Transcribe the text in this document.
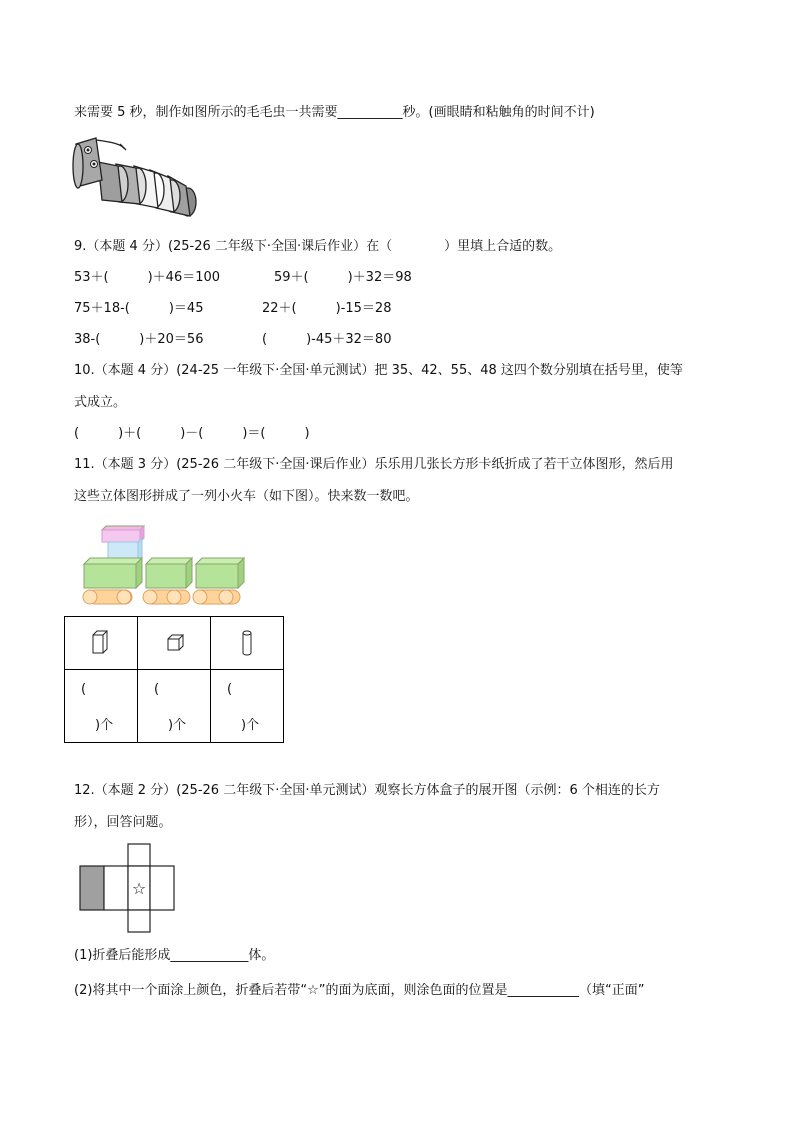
来需要 5 秒，制作如图所示的毛毛虫一共需要__________秒。(画眼睛和粘触角的时间不计)
9.（本题 4 分）(25-26 二年级下·全国·课后作业）在（　　　　）里填上合适的数。
53＋(　　　)＋46＝100	59＋(　　　)＋32＝98
75＋18-(　　　)＝45	22＋(　　　)-15＝28
38-(　　　)＋20＝56	(　　　)-45＋32＝80
10.（本题 4 分）(24-25 一年级下·全国·单元测试）把 35、42、55、48 这四个数分别填在括号里，使等
式成立。
(　　　)＋(　　　)－(　　　)＝(　　　)
11.（本题 3 分）(25-26 二年级下·全国·课后作业）乐乐用几张长方形卡纸折成了若干立体图形，然后用
这些立体图形拼成了一列小火车（如下图）。快来数一数吧。

(
)个	(
)个	(
)个
12.（本题 2 分）(25-26 二年级下·全国·单元测试）观察长方体盒子的展开图（示例：6 个相连的长方
形），回答问题。
☆
(1)折叠后能形成____________体。
(2)将其中一个面涂上颜色，折叠后若带“☆”的面为底面，则涂色面的位置是___________（填“正面”
